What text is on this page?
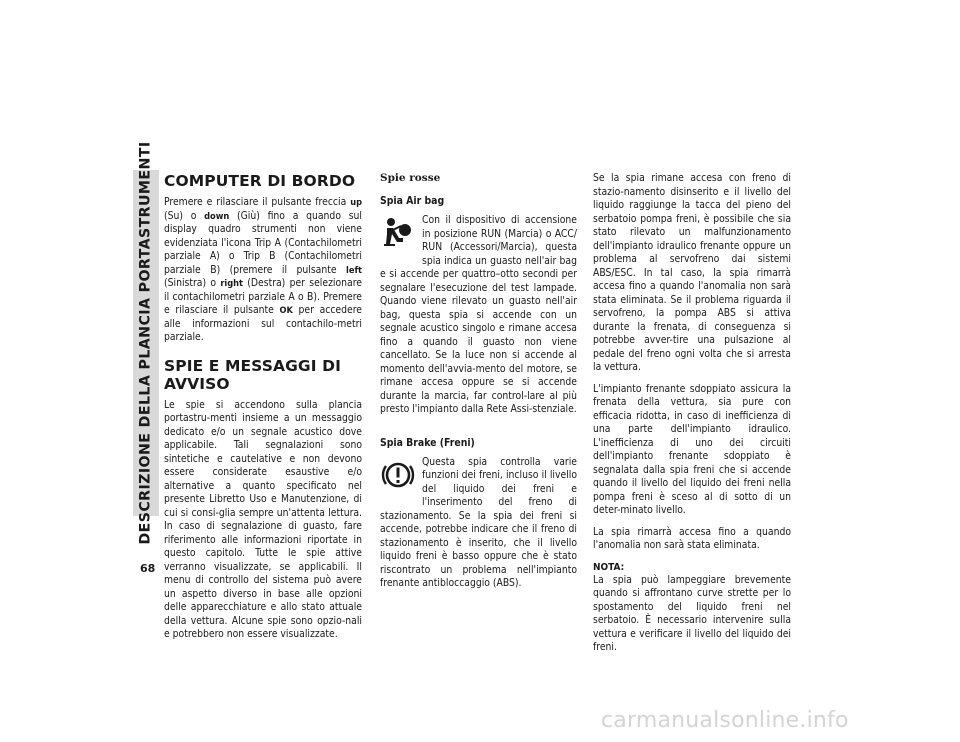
DESCRIZIONE DELLA PLANCIA PORTASTRUMENTI
68
COMPUTER DI BORDO

Premere e rilasciare il pulsante freccia up (Su) o down (Giù) fino a quando sul display quadro strumenti non viene evidenziata l'icona Trip A (Contachilometri parziale A) o Trip B (Contachilometri parziale B) (premere il pulsante left (Sinistra) o right (Destra) per selezionare il contachilometri parziale A o B). Premere e rilasciare il pulsante OK per accedere alle informazioni sul contachilo-metri parziale.

SPIE E MESSAGGI DI AVVISO

Le spie si accendono sulla plancia portastru-menti insieme a un messaggio dedicato e/o un segnale acustico dove applicabile. Tali segnalazioni sono sintetiche e cautelative e non devono essere considerate esaustive e/o alternative a quanto specificato nel presente Libretto Uso e Manutenzione, di cui si consi-glia sempre un'attenta lettura. In caso di segnalazione di guasto, fare riferimento alle informazioni riportate in questo capitolo. Tutte le spie attive verranno visualizzate, se applicabili. Il menu di controllo del sistema può avere un aspetto diverso in base alle opzioni delle apparecchiature e allo stato attuale della vettura. Alcune spie sono opzio-nali e potrebbero non essere visualizzate.

Spie rosse
Spia Air bag

Con il dispositivo di accensione in posizione RUN (Marcia) o ACC/ RUN (Accessori/Marcia), questa spia indica un guasto nell'air bag e si accende per quattro–otto secondi per segnalare l'esecuzione del test lampade. Quando viene rilevato un guasto nell'air bag, questa spia si accende con un segnale acustico singolo e rimane accesa fino a quando il guasto non viene cancellato. Se la luce non si accende al momento dell'avvia-mento del motore, se rimane accesa oppure se si accende durante la marcia, far control-lare al più presto l'impianto dalla Rete Assi-stenziale.

Spia Brake (Freni)

Questa spia controlla varie funzioni dei freni, incluso il livello del liquido dei freni e l'inserimento del freno di stazionamento. Se la spia dei freni si accende, potrebbe indicare che il freno di stazionamento è inserito, che il livello liquido freni è basso oppure che è stato riscontrato un problema nell'impianto frenante antibloccaggio (ABS).

Se la spia rimane accesa con freno di stazio-namento disinserito e il livello del liquido raggiunge la tacca del pieno del serbatoio pompa freni, è possibile che sia stato rilevato un malfunzionamento dell'impianto idraulico frenante oppure un problema al servofreno dai sistemi ABS/ESC. In tal caso, la spia rimarrà accesa fino a quando l'anomalia non sarà stata eliminata. Se il problema riguarda il servofreno, la pompa ABS si attiva durante la frenata, di conseguenza si potrebbe avver-tire una pulsazione al pedale del freno ogni volta che si arresta la vettura.

L'impianto frenante sdoppiato assicura la frenata della vettura, sia pure con efficacia ridotta, in caso di inefficienza di una parte dell'impianto idraulico. L'inefficienza di uno dei circuiti dell'impianto frenante sdoppiato è segnalata dalla spia freni che si accende quando il livello del liquido dei freni nella pompa freni è sceso al di sotto di un deter-minato livello.

La spia rimarrà accesa fino a quando l'anomalia non sarà stata eliminata.

NOTA:

La spia può lampeggiare brevemente quando si affrontano curve strette per lo spostamento del liquido freni nel serbatoio. È necessario intervenire sulla vettura e verificare il livello del liquido dei freni.

carmanualsonline.info
